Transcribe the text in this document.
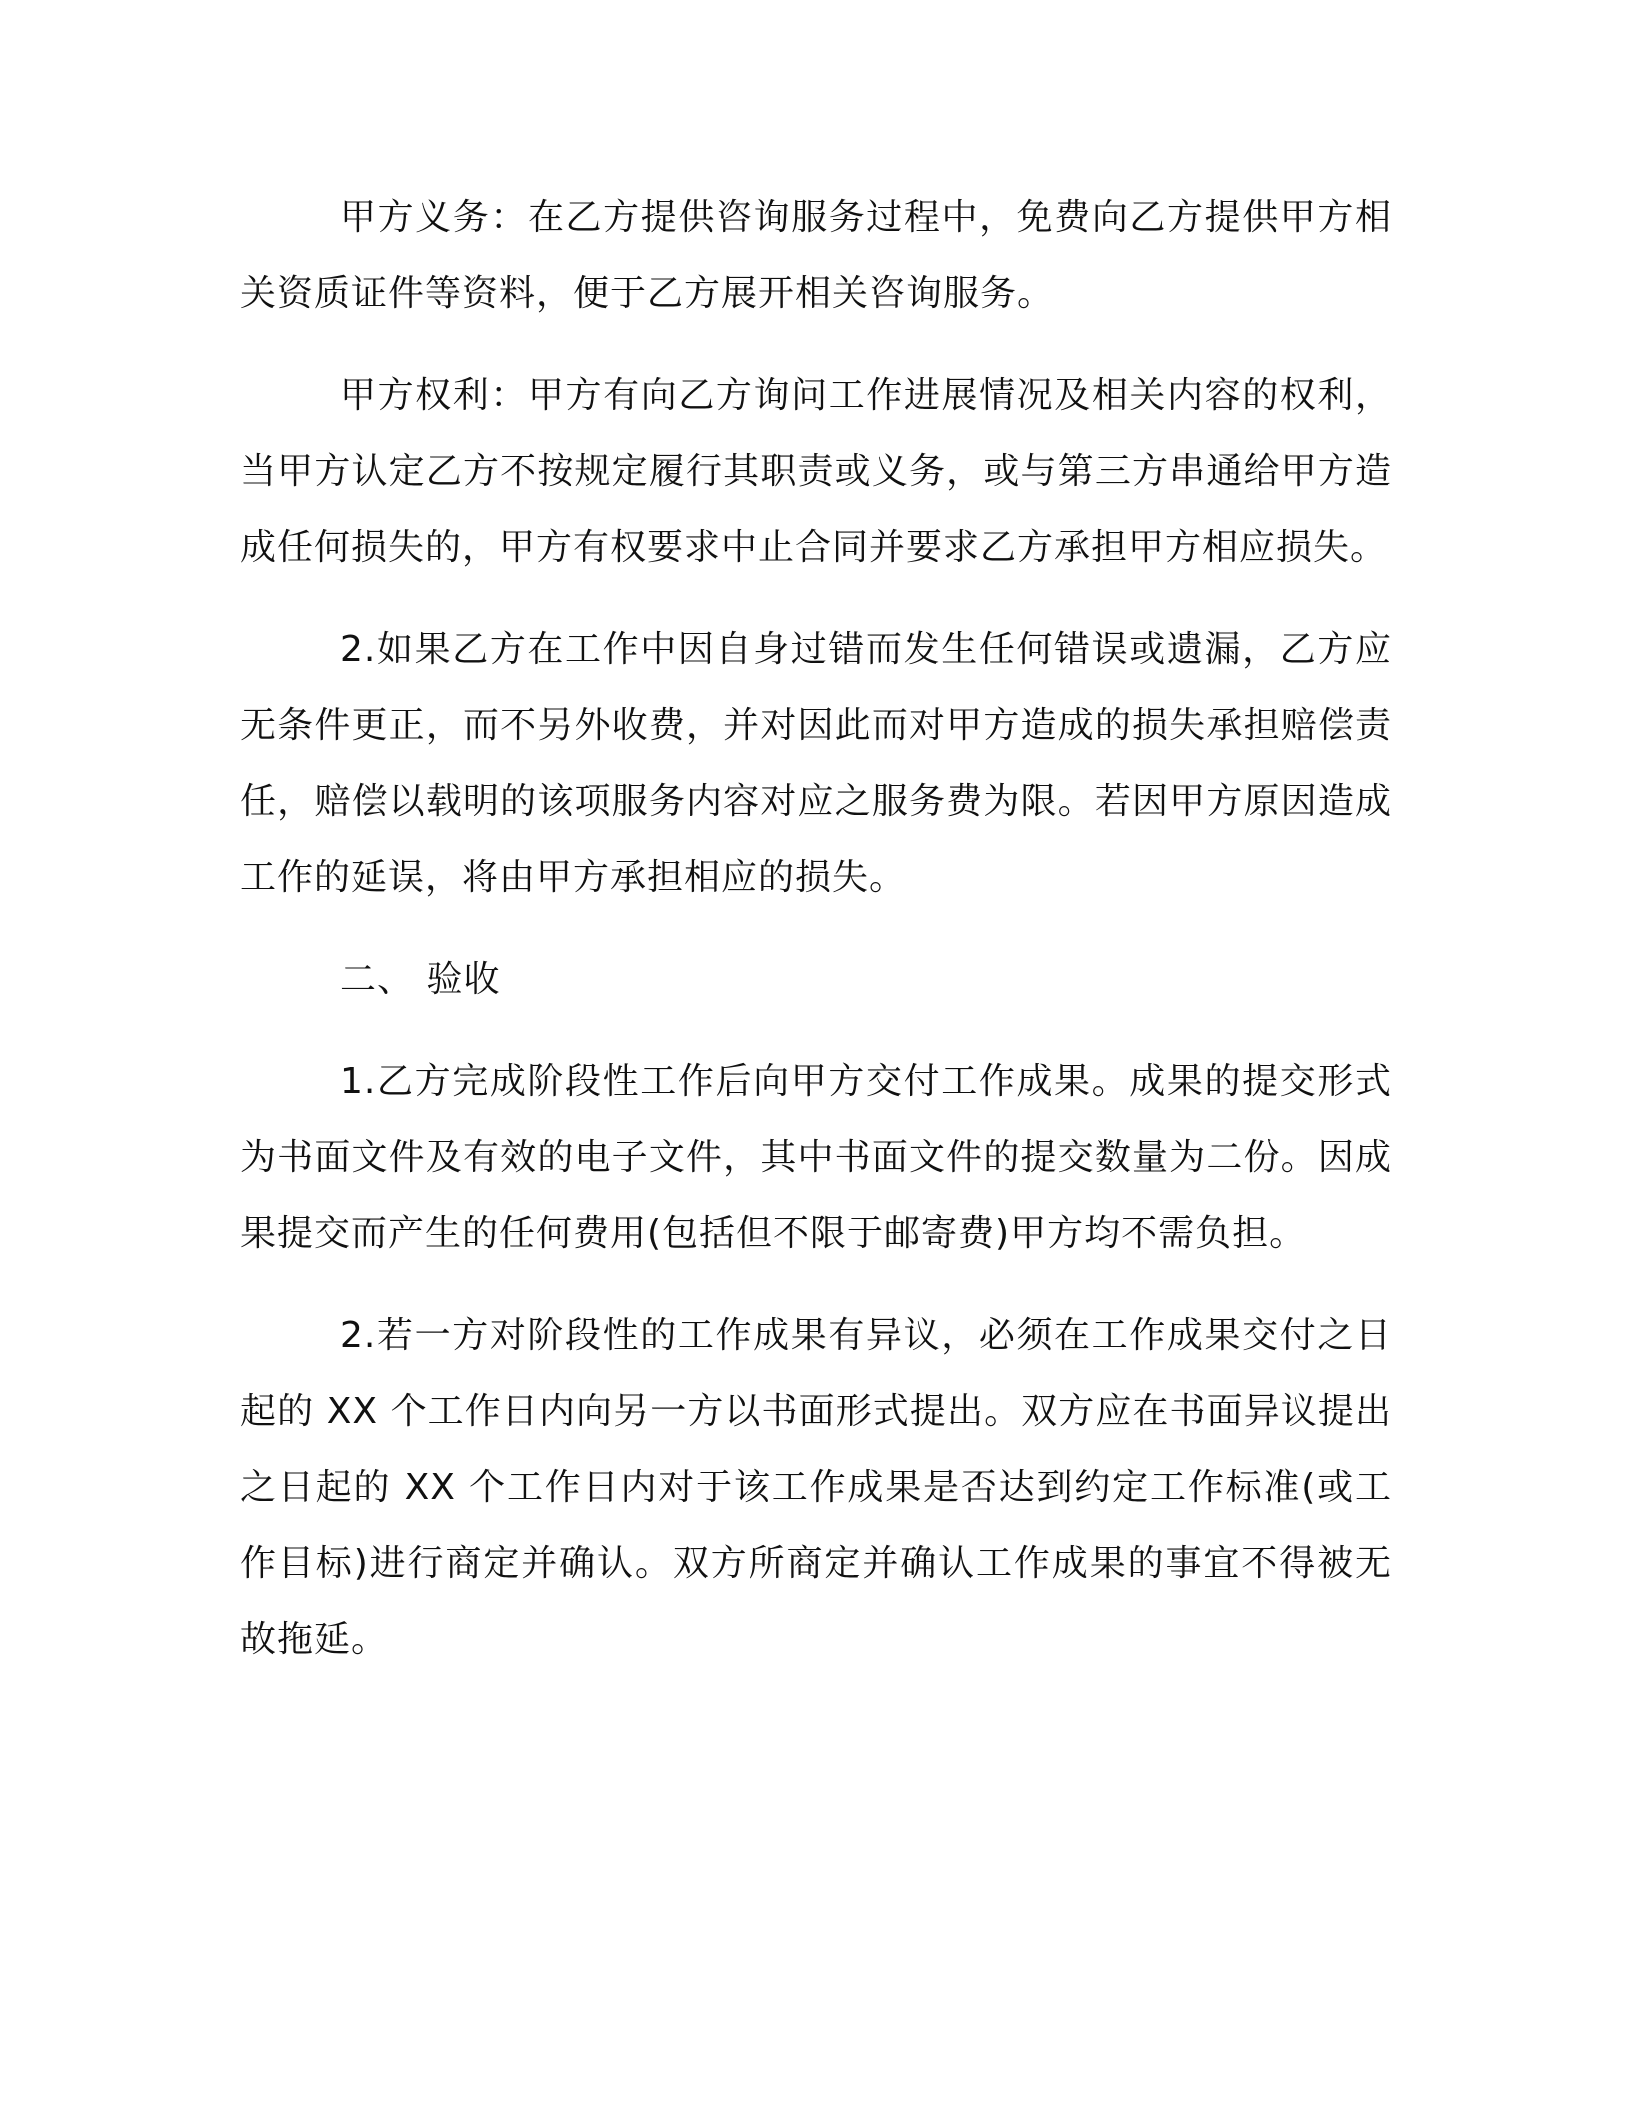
甲方义务：在乙方提供咨询服务过程中，免费向乙方提供甲方相关资质证件等资料，便于乙方展开相关咨询服务。

甲方权利：甲方有向乙方询问工作进展情况及相关内容的权利，当甲方认定乙方不按规定履行其职责或义务，或与第三方串通给甲方造成任何损失的，甲方有权要求中止合同并要求乙方承担甲方相应损失。

2.如果乙方在工作中因自身过错而发生任何错误或遗漏，乙方应无条件更正，而不另外收费，并对因此而对甲方造成的损失承担赔偿责任，赔偿以载明的该项服务内容对应之服务费为限。若因甲方原因造成工作的延误，将由甲方承担相应的损失。

二、 验收

1.乙方完成阶段性工作后向甲方交付工作成果。成果的提交形式为书面文件及有效的电子文件，其中书面文件的提交数量为二份。因成果提交而产生的任何费用(包括但不限于邮寄费)甲方均不需负担。

2.若一方对阶段性的工作成果有异议，必须在工作成果交付之日起的 XX 个工作日内向另一方以书面形式提出。双方应在书面异议提出之日起的 XX 个工作日内对于该工作成果是否达到约定工作标准(或工作目标)进行商定并确认。双方所商定并确认工作成果的事宜不得被无故拖延。
